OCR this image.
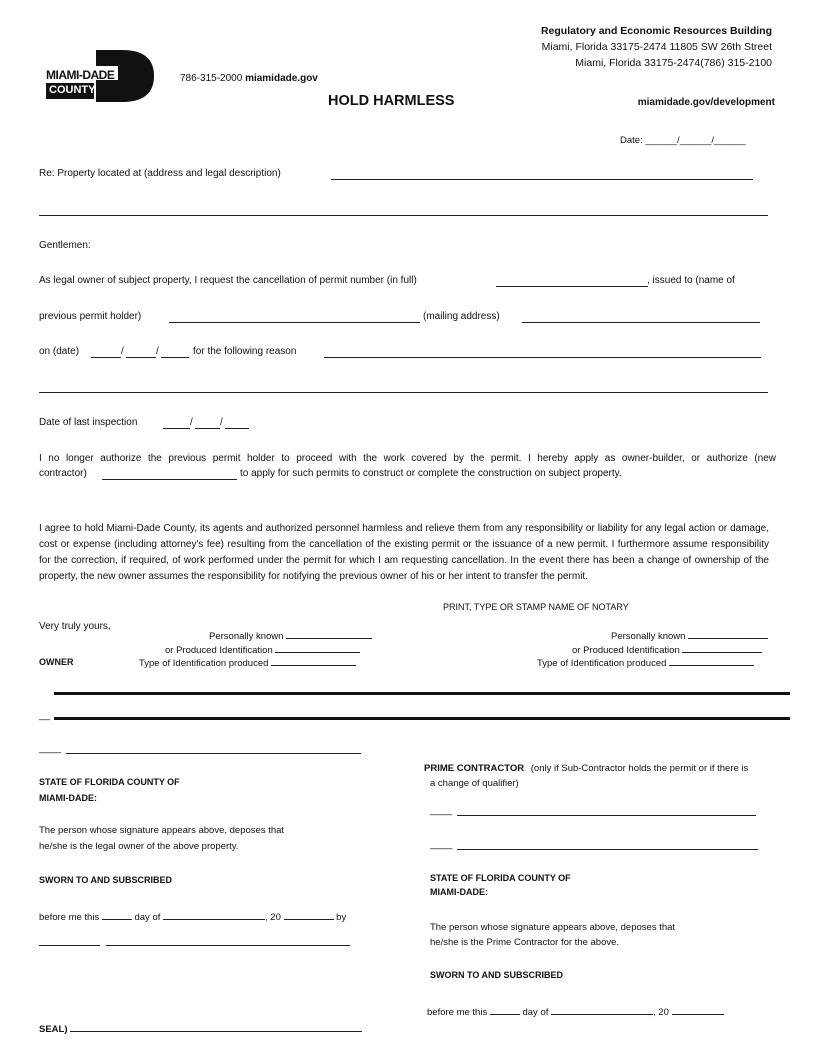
MIAMI-DADE
COUNTY
786-315-2000 miamidade.gov
Regulatory and Economic Resources Building
Miami, Florida 33175-2474 11805 SW 26th Street
Miami, Florida 33175-2474(786) 315-2100
miamidade.gov/development
HOLD HARMLESS
Date: ______/______/______
Re: Property located at (address and legal description)
Gentlemen:
As legal owner of subject property, I request the cancellation of permit number (in full)	, issued to (name of
previous permit holder)	(mailing address)
on (date)	/	/	for the following reason
Date of last inspection	/	/
I no longer authorize the previous permit holder to proceed with the work covered by the permit. I hereby apply as owner-builder, or authorize (new
contractor)	to apply for such permits to construct or complete the construction on subject property.
I agree to hold Miami-Dade County, its agents and authorized personnel harmless and relieve them from any responsibility or liability for any legal action or damage, cost or expense (including attorney's fee) resulting from the cancellation of the existing permit or the issuance of a new permit. I furthermore assume responsibility for the correction, if required, of work performed under the permit for which I am requesting cancellation. In the event there has been a change of ownership of the property, the new owner assumes the responsibility for notifying the previous owner of his or her intent to transfer the permit.
PRINT, TYPE OR STAMP NAME OF NOTARY
Very truly yours,
OWNER
Personally known
or Produced Identification
Type of Identification produced
Personally known
or Produced Identification
Type of Identification produced
__
____
STATE OF FLORIDA COUNTY OF
MIAMI-DADE:
The person whose signature appears above, deposes that
he/she is the legal owner of the above property.
SWORN TO AND SUBSCRIBED
before me this	day of	, 20	by
SEAL)
PRIME CONTRACTOR (only if Sub-Contractor holds the permit or if there is
a change of qualifier)
____
____
STATE OF FLORIDA COUNTY OF
MIAMI-DADE:
The person whose signature appears above, deposes that
he/she is the Prime Contractor for the above.
SWORN TO AND SUBSCRIBED
before me this	day of	, 20
